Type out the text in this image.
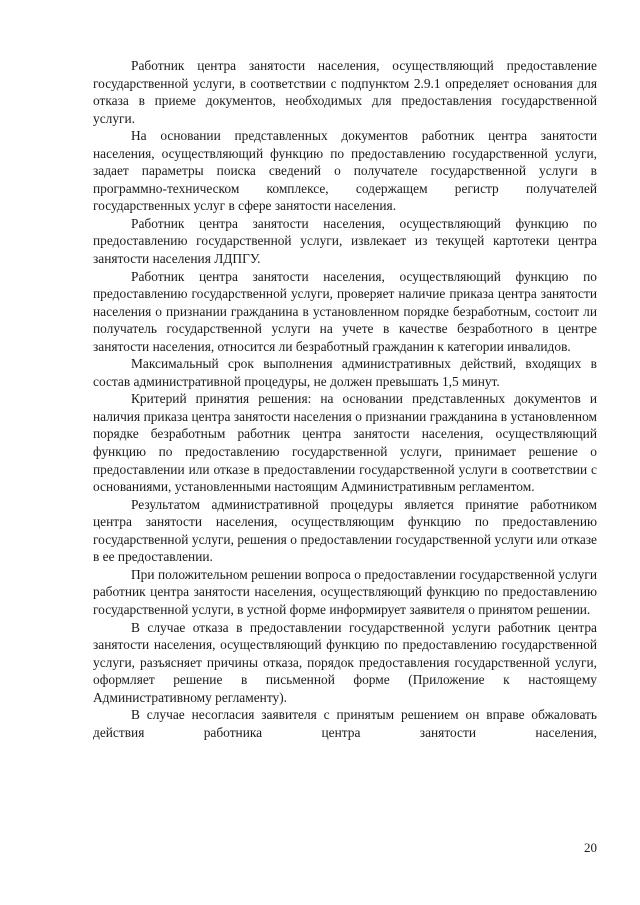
Работник центра занятости населения, осуществляющий предоставление государственной услуги, в соответствии с подпунктом 2.9.1 определяет основания для отказа в приеме документов, необходимых для предоставления государственной услуги.

На основании представленных документов работник центра занятости населения, осуществляющий функцию по предоставлению государственной услуги, задает параметры поиска сведений о получателе государственной услуги в программно-техническом комплексе, содержащем регистр получателей государственных услуг в сфере занятости населения.

Работник центра занятости населения, осуществляющий функцию по предоставлению государственной услуги, извлекает из текущей картотеки центра занятости населения ЛДПГУ.

Работник центра занятости населения, осуществляющий функцию по предоставлению государственной услуги, проверяет наличие приказа центра занятости населения о признании гражданина в установленном порядке безработным, состоит ли получатель государственной услуги на учете в качестве безработного в центре занятости населения, относится ли безработный гражданин к категории инвалидов.

Максимальный срок выполнения административных действий, входящих в состав административной процедуры, не должен превышать 1,5 минут.

Критерий принятия решения: на основании представленных документов и наличия приказа центра занятости населения о признании гражданина в установленном порядке безработным работник центра занятости населения, осуществляющий функцию по предоставлению государственной услуги, принимает решение о предоставлении или отказе в предоставлении государственной услуги в соответствии с основаниями, установленными настоящим Административным регламентом.

Результатом административной процедуры является принятие работником центра занятости населения, осуществляющим функцию по предоставлению государственной услуги, решения о предоставлении государственной услуги или отказе в ее предоставлении.

При положительном решении вопроса о предоставлении государственной услуги работник центра занятости населения, осуществляющий функцию по предоставлению государственной услуги, в устной форме информирует заявителя о принятом решении.

В случае отказа в предоставлении государственной услуги работник центра занятости населения, осуществляющий функцию по предоставлению государственной услуги, разъясняет причины отказа, порядок предоставления государственной услуги, оформляет решение в письменной форме (Приложение к настоящему Административному регламенту).

В случае несогласия заявителя с принятым решением он вправе обжаловать действия работника центра занятости населения,

20
